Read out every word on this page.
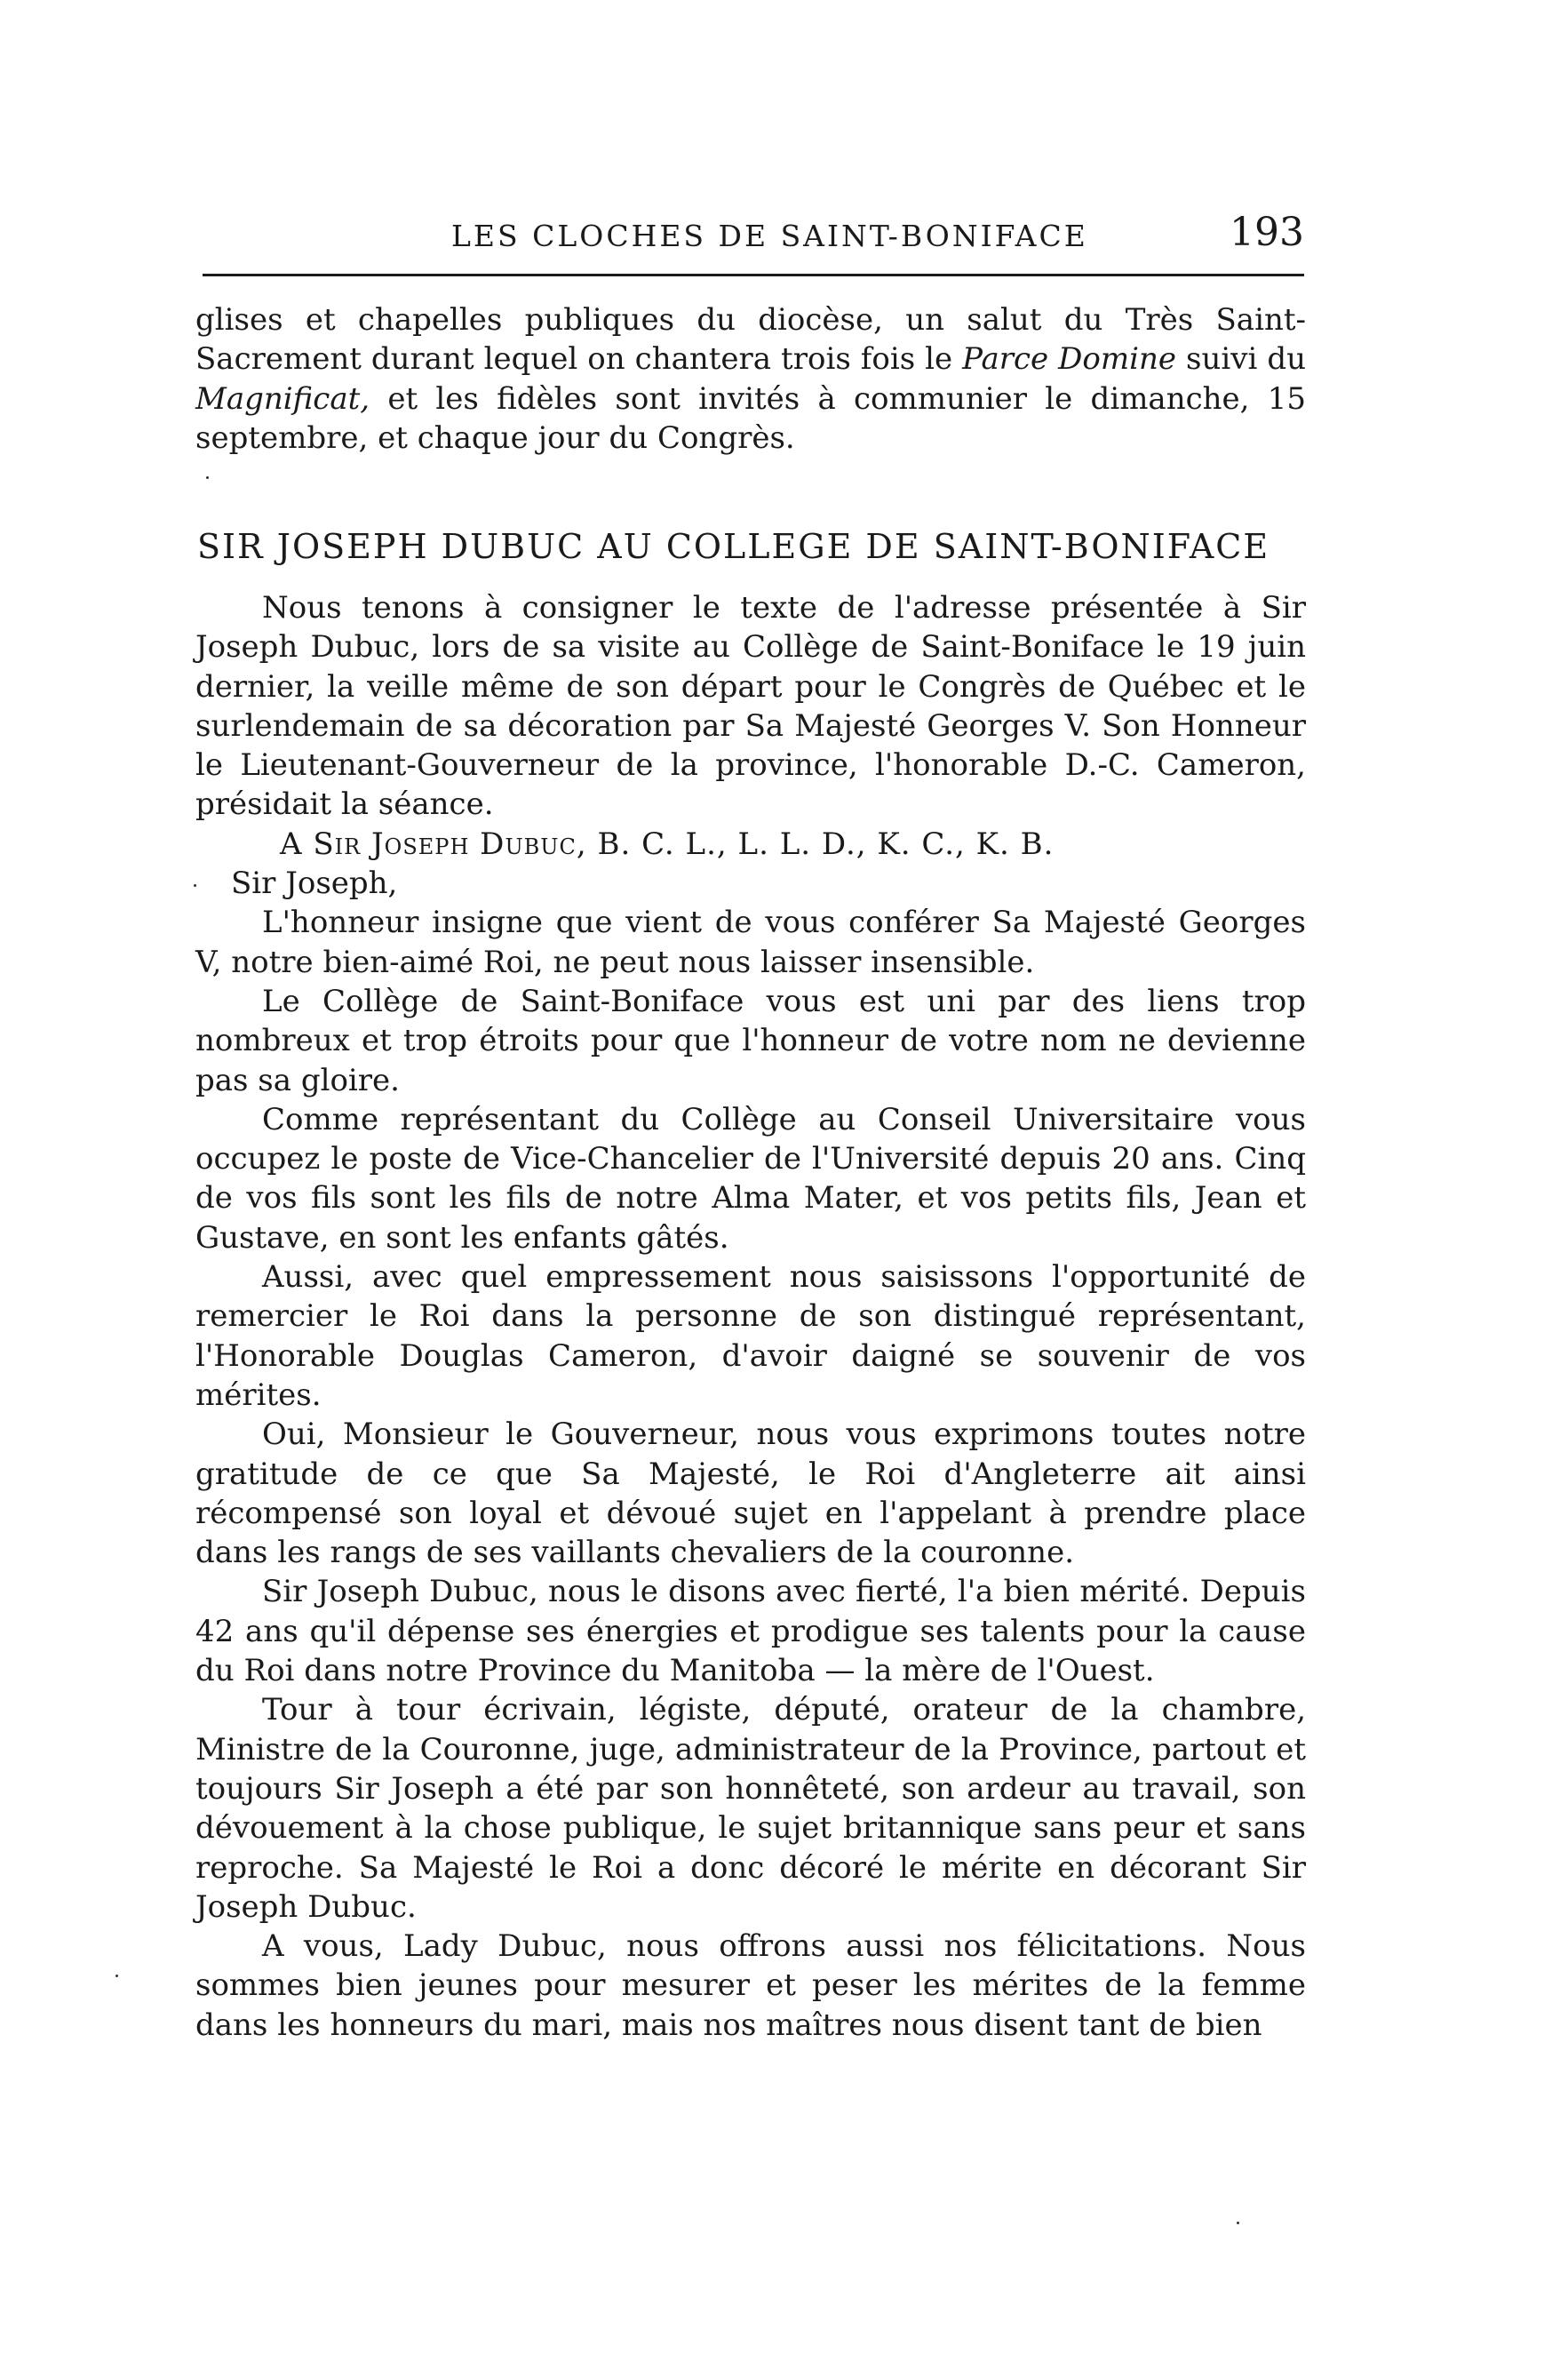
LES CLOCHES DE SAINT-BONIFACE	193

glises et chapelles publiques du diocèse, un salut du Très Saint-Sacrement durant lequel on chantera trois fois le Parce Domine suivi du Magnificat, et les fidèles sont invités à communier le dimanche, 15 septembre, et chaque jour du Congrès.

SIR JOSEPH DUBUC AU COLLEGE DE SAINT-BONIFACE

Nous tenons à consigner le texte de l'adresse présentée à Sir Joseph Dubuc, lors de sa visite au Collège de Saint-Boniface le 19 juin dernier, la veille même de son départ pour le Congrès de Québec et le surlendemain de sa décoration par Sa Majesté Georges V. Son Honneur le Lieutenant-Gouverneur de la province, l'honorable D.-C. Cameron, présidait la séance.

A Sir Joseph Dubuc, B. C. L., L. L. D., K. C., K. B.

Sir Joseph,

L'honneur insigne que vient de vous conférer Sa Majesté Georges V, notre bien-aimé Roi, ne peut nous laisser insensible.

Le Collège de Saint-Boniface vous est uni par des liens trop nombreux et trop étroits pour que l'honneur de votre nom ne devienne pas sa gloire.

Comme représentant du Collège au Conseil Universitaire vous occupez le poste de Vice-Chancelier de l'Université depuis 20 ans. Cinq de vos fils sont les fils de notre Alma Mater, et vos petits fils, Jean et Gustave, en sont les enfants gâtés.

Aussi, avec quel empressement nous saisissons l'opportunité de remercier le Roi dans la personne de son distingué représentant, l'Honorable Douglas Cameron, d'avoir daigné se souvenir de vos mérites.

Oui, Monsieur le Gouverneur, nous vous exprimons toutes notre gratitude de ce que Sa Majesté, le Roi d'Angleterre ait ainsi récompensé son loyal et dévoué sujet en l'appelant à prendre place dans les rangs de ses vaillants chevaliers de la couronne.

Sir Joseph Dubuc, nous le disons avec fierté, l'a bien mérité. Depuis 42 ans qu'il dépense ses énergies et prodigue ses talents pour la cause du Roi dans notre Province du Manitoba — la mère de l'Ouest.

Tour à tour écrivain, légiste, député, orateur de la chambre, Ministre de la Couronne, juge, administrateur de la Province, partout et toujours Sir Joseph a été par son honnêteté, son ardeur au travail, son dévouement à la chose publique, le sujet britannique sans peur et sans reproche. Sa Majesté le Roi a donc décoré le mérite en décorant Sir Joseph Dubuc.

A vous, Lady Dubuc, nous offrons aussi nos félicitations. Nous sommes bien jeunes pour mesurer et peser les mérites de la femme dans les honneurs du mari, mais nos maîtres nous disent tant de bien
